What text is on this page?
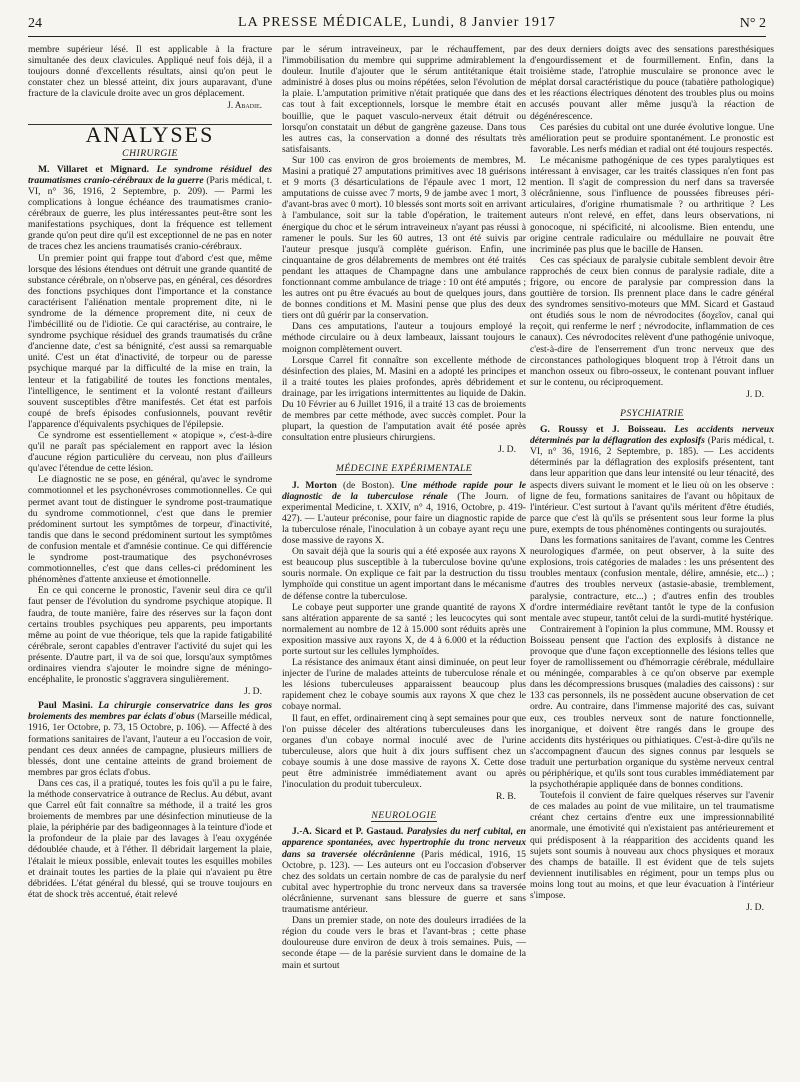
24	LA PRESSE MÉDICALE, Lundi, 8 Janvier 1917	N° 2

membre supérieur lésé. Il est applicable à la fracture simultanée des deux clavicules. Appliqué neuf fois déjà, il a toujours donné d'excellents résultats, ainsi qu'on peut le constater chez un blessé atteint, dix jours auparavant, d'une fracture de la clavicule droite avec un gros déplacement.

J. Abadie.
ANALYSES
CHIRURGIE

M. Villaret et Mignard. Le syndrome résiduel des traumatismes cranio-cérébraux de la guerre (Paris médical, t. VI, n° 36, 1916, 2 Septembre, p. 209). — Parmi les complications à longue échéance des traumatismes cranio-cérébraux de guerre, les plus intéressantes peut-être sont les manifestations psychiques, dont la fréquence est tellement grande qu'on peut dire qu'il est exceptionnel de ne pas en noter de traces chez les anciens traumatisés cranio-cérébraux.

Un premier point qui frappe tout d'abord c'est que, même lorsque des lésions étendues ont détruit une grande quantité de substance cérébrale, on n'observe pas, en général, ces désordres des fonctions psychiques dont l'importance et la constance caractérisent l'aliénation mentale proprement dite, ni le syndrome de la démence proprement dite, ni ceux de l'imbécillité ou de l'idiotie. Ce qui caractérise, au contraire, le syndrome psychique résiduel des grands traumatisés du crâne d'ancienne date, c'est sa bénignité, c'est aussi sa remarquable unité. C'est un état d'inactivité, de torpeur ou de paresse psychique marqué par la difficulté de la mise en train, la lenteur et la fatigabilité de toutes les fonctions mentales, l'intelligence, le sentiment et la volonté restant d'ailleurs souvent susceptibles d'être manifestés. Cet état est parfois coupé de brefs épisodes confusionnels, pouvant revêtir l'apparence d'équivalents psychiques de l'épilepsie.

Ce syndrome est essentiellement « atopique », c'est-à-dire qu'il ne paraît pas spécialement en rapport avec la lésion d'aucune région particulière du cerveau, non plus d'ailleurs qu'avec l'étendue de cette lésion.

Le diagnostic ne se pose, en général, qu'avec le syndrome commotionnel et les psychonévroses commotionnelles. Ce qui permet avant tout de distinguer le syndrome post-traumatique du syndrome commotionnel, c'est que dans le premier prédominent surtout les symptômes de torpeur, d'inactivité, tandis que dans le second prédominent surtout les symptômes de confusion mentale et d'amnésie continue. Ce qui différencie le syndrome post-traumatique des psychonévroses commotionnelles, c'est que dans celles-ci prédominent les phénomènes d'attente anxieuse et émotionnelle.

En ce qui concerne le pronostic, l'avenir seul dira ce qu'il faut penser de l'évolution du syndrome psychique atopique. Il faudra, de toute manière, faire des réserves sur la façon dont certains troubles psychiques peu apparents, peu importants même au point de vue théorique, tels que la rapide fatigabilité cérébrale, seront capables d'entraver l'activité du sujet qui les présente. D'autre part, il va de soi que, lorsqu'aux symptômes ordinaires viendra s'ajouter le moindre signe de méningo-encéphalite, le pronostic s'aggravera singulièrement.

J. D.

Paul Masini. La chirurgie conservatrice dans les gros broiements des membres par éclats d'obus (Marseille médical, 1916, 1er Octobre, p. 73, 15 Octobre, p. 106). — Affecté à des formations sanitaires de l'avant, l'auteur a eu l'occasion de voir, pendant ces deux années de campagne, plusieurs milliers de blessés, dont une centaine atteints de grand broiement de membres par gros éclats d'obus.

Dans ces cas, il a pratiqué, toutes les fois qu'il a pu le faire, la méthode conservatrice à outrance de Reclus. Au début, avant que Carrel eût fait connaître sa méthode, il a traité les gros broiements de membres par une désinfection minutieuse de la plaie, la périphérie par des badigeonnages à la teinture d'iode et la profondeur de la plaie par des lavages à l'eau oxygénée dédoublée chaude, et à l'éther. Il débridait largement la plaie, l'étalait le mieux possible, enlevait toutes les esquilles mobiles et drainait toutes les parties de la plaie qui n'avaient pu être débridées. L'état général du blessé, qui se trouve toujours en état de shock très accentué, était relevé

par le sérum intraveineux, par le réchauffement, par l'immobilisation du membre qui supprime admirablement la douleur. Inutile d'ajouter que le sérum antitétanique était administré à doses plus ou moins répétées, selon l'évolution de la plaie. L'amputation primitive n'était pratiquée que dans des cas tout à fait exceptionnels, lorsque le membre était en bouillie, que le paquet vasculo-nerveux était détruit ou lorsqu'on constatait un début de gangrène gazeuse. Dans tous les autres cas, la conservation a donné des résultats très satisfaisants.

Sur 100 cas environ de gros broiements de membres, M. Masini a pratiqué 27 amputations primitives avec 18 guérisons et 9 morts (3 désarticulations de l'épaule avec 1 mort, 12 amputations de cuisse avec 7 morts, 9 de jambe avec 1 mort, 3 d'avant-bras avec 0 mort). 10 blessés sont morts soit en arrivant à l'ambulance, soit sur la table d'opération, le traitement énergique du choc et le sérum intraveineux n'ayant pas réussi à ramener le pouls. Sur les 60 autres, 13 ont été suivis par l'auteur presque jusqu'à complète guérison. Enfin, une cinquantaine de gros délabrements de membres ont été traités pendant les attaques de Champagne dans une ambulance fonctionnant comme ambulance de triage : 10 ont été amputés ; les autres ont pu être évacués au bout de quelques jours, dans de bonnes conditions et M. Masini pense que plus des deux tiers ont dû guérir par la conservation.

Dans ces amputations, l'auteur a toujours employé la méthode circulaire ou à deux lambeaux, laissant toujours le moignon complètement ouvert.

Lorsque Carrel fit connaître son excellente méthode de désinfection des plaies, M. Masini en a adopté les principes et il a traité toutes les plaies profondes, après débridement et drainage, par les irrigations intermittentes au liquide de Dakin. Du 10 Février au 6 Juillet 1916, il a traité 13 cas de broiements de membres par cette méthode, avec succès complet. Pour la plupart, la question de l'amputation avait été posée après consultation entre plusieurs chirurgiens.

J. D.
MÉDECINE EXPÉRIMENTALE

J. Morton (de Boston). Une méthode rapide pour le diagnostic de la tuberculose rénale (The Journ. of experimental Medicine, t. XXIV, n° 4, 1916, Octobre, p. 419-427). — L'auteur préconise, pour faire un diagnostic rapide de la tuberculose rénale, l'inoculation à un cobaye ayant reçu une dose massive de rayons X.

On savait déjà que la souris qui a été exposée aux rayons X est beaucoup plus susceptible à la tuberculose bovine qu'une souris normale. On explique ce fait par la destruction du tissu lymphoïde qui constitue un agent important dans le mécanisme de défense contre la tuberculose.

Le cobaye peut supporter une grande quantité de rayons X sans altération apparente de sa santé ; les leucocytes qui sont normalement au nombre de 12 à 15.000 sont réduits après une exposition massive aux rayons X, de 4 à 6.000 et la réduction porte surtout sur les cellules lymphoïdes.

La résistance des animaux étant ainsi diminuée, on peut leur injecter de l'urine de malades atteints de tuberculose rénale et les lésions tuberculeuses apparaissent beaucoup plus rapidement chez le cobaye soumis aux rayons X que chez le cobaye normal.

Il faut, en effet, ordinairement cinq à sept semaines pour que l'on puisse déceler des altérations tuberculeuses dans les organes d'un cobaye normal inoculé avec de l'urine tuberculeuse, alors que huit à dix jours suffisent chez un cobaye soumis à une dose massive de rayons X. Cette dose peut être administrée immédiatement avant ou après l'inoculation du produit tuberculeux.

R. B.
NEUROLOGIE

J.-A. Sicard et P. Gastaud. Paralysies du nerf cubital, en apparence spontanées, avec hypertrophie du tronc nerveux dans sa traversée olécrânienne (Paris médical, 1916, 15 Octobre, p. 123). — Les auteurs ont eu l'occasion d'observer chez des soldats un certain nombre de cas de paralysie du nerf cubital avec hypertrophie du tronc nerveux dans sa traversée olécrânienne, survenant sans blessure de guerre et sans traumatisme antérieur.

Dans un premier stade, on note des douleurs irradiées de la région du coude vers le bras et l'avant-bras ; cette phase douloureuse dure environ de deux à trois semaines. Puis, — seconde étape — de la parésie survient dans le domaine de la main et surtout

des deux derniers doigts avec des sensations paresthésiques d'engourdissement et de fourmillement. Enfin, dans la troisième stade, l'atrophie musculaire se prononce avec le méplat dorsal caractéristique du pouce (tabatière pathologique) et les réactions électriques dénotent des troubles plus ou moins accusés pouvant aller même jusqu'à la réaction de dégénérescence.

Ces parésies du cubital ont une durée évolutive longue. Une amélioration peut se produire spontanément. Le pronostic est favorable. Les nerfs médian et radial ont été toujours respectés.

Le mécanisme pathogénique de ces types paralytiques est intéressant à envisager, car les traités classiques n'en font pas mention. Il s'agit de compression du nerf dans sa traversée olécrânienne, sous l'influence de poussées fibreuses péri-articulaires, d'origine rhumatismale ? ou arthritique ? Les auteurs n'ont relevé, en effet, dans leurs observations, ni gonocoque, ni spécificité, ni alcoolisme. Bien entendu, une origine centrale radiculaire ou médullaire ne pouvait être incriminée pas plus que le bacille de Hansen.

Ces cas spéciaux de paralysie cubitale semblent devoir être rapprochés de ceux bien connus de paralysie radiale, dite a frigore, ou encore de paralysie par compression dans la gouttière de torsion. Ils prennent place dans le cadre général des syndromes sensitivo-moteurs que MM. Sicard et Gastaud ont étudiés sous le nom de névrodocites (δοχεῖον, canal qui reçoit, qui renferme le nerf ; névrodocite, inflammation de ces canaux). Ces névrodocites relèvent d'une pathogénie univoque, c'est-à-dire de l'enserrement d'un tronc nerveux que des circonstances pathologiques bloquent trop à l'étroit dans un manchon osseux ou fibro-osseux, le contenant pouvant influer sur le contenu, ou réciproquement.

J. D.
PSYCHIATRIE

G. Roussy et J. Boisseau. Les accidents nerveux déterminés par la déflagration des explosifs (Paris médical, t. VI, n° 36, 1916, 2 Septembre, p. 185). — Les accidents déterminés par la déflagration des explosifs présentent, tant dans leur apparition que dans leur intensité ou leur ténacité, des aspects divers suivant le moment et le lieu où on les observe : ligne de feu, formations sanitaires de l'avant ou hôpitaux de l'intérieur. C'est surtout à l'avant qu'ils méritent d'être étudiés, parce que c'est là qu'ils se présentent sous leur forme la plus pure, exempts de tous phénomènes contingents ou surajoutés.

Dans les formations sanitaires de l'avant, comme les Centres neurologiques d'armée, on peut observer, à la suite des explosions, trois catégories de malades : les uns présentent des troubles mentaux (confusion mentale, délire, amnésie, etc...) ; d'autres des troubles nerveux (astasie-abasie, tremblement, paralysie, contracture, etc...) ; d'autres enfin des troubles d'ordre intermédiaire revêtant tantôt le type de la confusion mentale avec stupeur, tantôt celui de la surdi-mutité hystérique.

Contrairement à l'opinion la plus commune, MM. Roussy et Boisseau pensent que l'action des explosifs à distance ne provoque que d'une façon exceptionnelle des lésions telles que foyer de ramollissement ou d'hémorragie cérébrale, médullaire ou méningée, comparables à ce qu'on observe par exemple dans les décompressions brusques (maladies des caissons) : sur 133 cas personnels, ils ne possèdent aucune observation de cet ordre. Au contraire, dans l'immense majorité des cas, suivant eux, ces troubles nerveux sont de nature fonctionnelle, inorganique, et doivent être rangés dans le groupe des accidents dits hystériques ou pithiatiques. C'est-à-dire qu'ils ne s'accompagnent d'aucun des signes connus par lesquels se traduit une perturbation organique du système nerveux central ou périphérique, et qu'ils sont tous curables immédiatement par la psychothérapie appliquée dans de bonnes conditions.

Toutefois il convient de faire quelques réserves sur l'avenir de ces malades au point de vue militaire, un tel traumatisme créant chez certains d'entre eux une impressionnabilité anormale, une émotivité qui n'existaient pas antérieurement et qui prédisposent à la réapparition des accidents quand les sujets sont soumis à nouveau aux chocs physiques et moraux des champs de bataille. Il est évident que de tels sujets deviennent inutilisables en régiment, pour un temps plus ou moins long tout au moins, et que leur évacuation à l'intérieur s'impose.

J. D.
